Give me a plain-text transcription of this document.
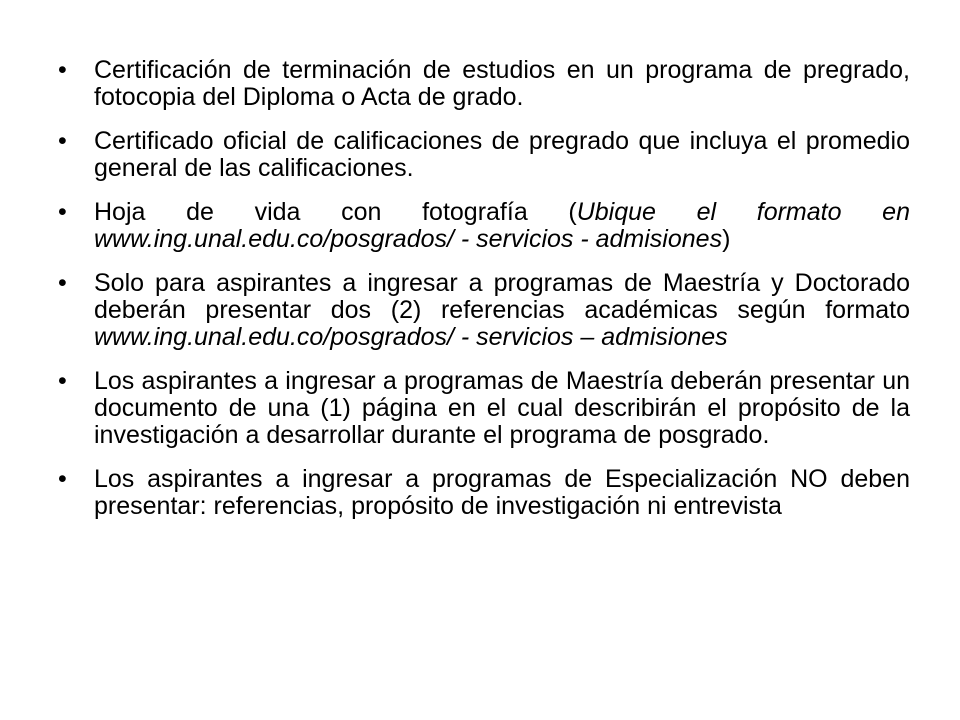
• Certificación de terminación de estudios en un programa de pregrado, fotocopia del Diploma o Acta de grado.
• Certificado oficial de calificaciones de pregrado que incluya el promedio general de las calificaciones.
• Hoja de vida con fotografía (Ubique el formato en www.ing.unal.edu.co/posgrados/ - servicios - admisiones)
• Solo para aspirantes a ingresar a programas de Maestría y Doctorado deberán presentar dos (2) referencias académicas según formato www.ing.unal.edu.co/posgrados/ - servicios – admisiones
• Los aspirantes a ingresar a programas de Maestría deberán presentar un documento de una (1) página en el cual describirán el propósito de la investigación a desarrollar durante el programa de posgrado.
• Los aspirantes a ingresar a programas de Especialización NO deben presentar: referencias, propósito de investigación ni entrevista
